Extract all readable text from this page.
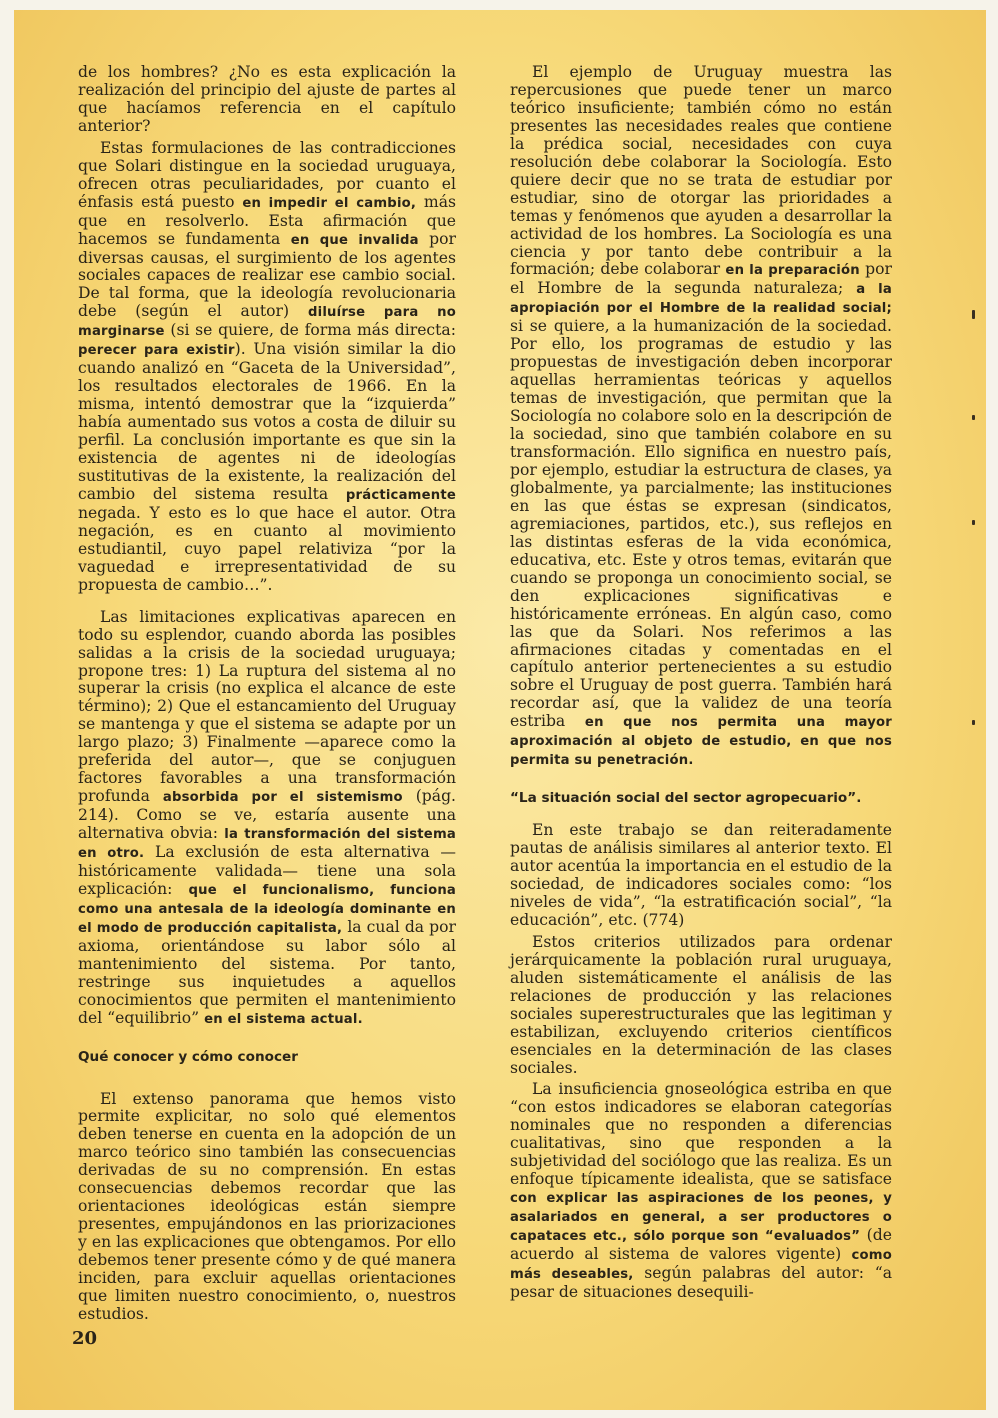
de los hombres? ¿No es esta explicación la realización del principio del ajuste de partes al que hacíamos referencia en el capítulo anterior?

Estas formulaciones de las contradicciones que Solari distingue en la sociedad uruguaya, ofrecen otras peculiaridades, por cuanto el énfasis está puesto en impedir el cambio, más que en resolverlo. Esta afirmación que hacemos se fundamenta en que invalida por diversas causas, el surgimiento de los agentes sociales capaces de realizar ese cambio social. De tal forma, que la ideología revolucionaria debe (según el autor) diluírse para no marginarse (si se quiere, de forma más directa: perecer para existir). Una visión similar la dio cuando analizó en “Gaceta de la Universidad”, los resultados electorales de 1966. En la misma, intentó demostrar que la “izquierda” había aumentado sus votos a costa de diluir su perfil. La conclusión importante es que sin la existencia de agentes ni de ideologías sustitutivas de la existente, la realización del cambio del sistema resulta prácticamente negada. Y esto es lo que hace el autor. Otra negación, es en cuanto al movimiento estudiantil, cuyo papel relativiza “por la vaguedad e irrepresentatividad de su propuesta de cambio…”.

Las limitaciones explicativas aparecen en todo su esplendor, cuando aborda las posibles salidas a la crisis de la sociedad uruguaya; propone tres: 1) La ruptura del sistema al no superar la crisis (no explica el alcance de este término); 2) Que el estancamiento del Uruguay se mantenga y que el sistema se adapte por un largo plazo; 3) Finalmente —aparece como la preferida del autor—, que se conjuguen factores favorables a una transformación profunda absorbida por el sistemismo (pág. 214). Como se ve, estaría ausente una alternativa obvia: la transformación del sistema en otro. La exclusión de esta alternativa —históricamente validada— tiene una sola explicación: que el funcionalismo, funciona como una antesala de la ideología dominante en el modo de producción capitalista, la cual da por axioma, orientándose su labor sólo al mantenimiento del sistema. Por tanto, restringe sus inquietudes a aquellos conocimientos que permiten el mantenimiento del “equilibrio” en el sistema actual.

Qué conocer y cómo conocer

El extenso panorama que hemos visto permite explicitar, no solo qué elementos deben tenerse en cuenta en la adopción de un marco teórico sino también las consecuencias derivadas de su no comprensión. En estas consecuencias debemos recordar que las orientaciones ideológicas están siempre presentes, empujándonos en las priorizaciones y en las explicaciones que obtengamos. Por ello debemos tener presente cómo y de qué manera inciden, para excluir aquellas orientaciones que limiten nuestro conocimiento, o, nuestros estudios.

El ejemplo de Uruguay muestra las repercusiones que puede tener un marco teórico insuficiente; también cómo no están presentes las necesidades reales que contiene la prédica social, necesidades con cuya resolución debe colaborar la Sociología. Esto quiere decir que no se trata de estudiar por estudiar, sino de otorgar las prioridades a temas y fenómenos que ayuden a desarrollar la actividad de los hombres. La Sociología es una ciencia y por tanto debe contribuir a la formación; debe colaborar en la preparación por el Hombre de la segunda naturaleza; a la apropiación por el Hombre de la realidad social; si se quiere, a la humanización de la sociedad. Por ello, los programas de estudio y las propuestas de investigación deben incorporar aquellas herramientas teóricas y aquellos temas de investigación, que permitan que la Sociología no colabore solo en la descripción de la sociedad, sino que también colabore en su transformación. Ello significa en nuestro país, por ejemplo, estudiar la estructura de clases, ya globalmente, ya parcialmente; las instituciones en las que éstas se expresan (sindicatos, agremiaciones, partidos, etc.), sus reflejos en las distintas esferas de la vida económica, educativa, etc. Este y otros temas, evitarán que cuando se proponga un conocimiento social, se den explicaciones significativas e históricamente erróneas. En algún caso, como las que da Solari. Nos referimos a las afirmaciones citadas y comentadas en el capítulo anterior pertenecientes a su estudio sobre el Uruguay de post guerra. También hará recordar así, que la validez de una teoría estriba en que nos permita una mayor aproximación al objeto de estudio, en que nos permita su penetración.

“La situación social del sector agropecuario”.

En este trabajo se dan reiteradamente pautas de análisis similares al anterior texto. El autor acentúa la importancia en el estudio de la sociedad, de indicadores sociales como: “los niveles de vida”, “la estratificación social”, “la educación”, etc. (774)

Estos criterios utilizados para ordenar jerárquicamente la población rural uruguaya, aluden sistemáticamente el análisis de las relaciones de producción y las relaciones sociales superestructurales que las legitiman y estabilizan, excluyendo criterios científicos esenciales en la determinación de las clases sociales.

La insuficiencia gnoseológica estriba en que “con estos indicadores se elaboran categorías nominales que no responden a diferencias cualitativas, sino que responden a la subjetividad del sociólogo que las realiza. Es un enfoque típicamente idealista, que se satisface con explicar las aspiraciones de los peones, y asalariados en general, a ser productores o capataces etc., sólo porque son “evaluados” (de acuerdo al sistema de valores vigente) como más deseables, según palabras del autor: “a pesar de situaciones desequili-

20
